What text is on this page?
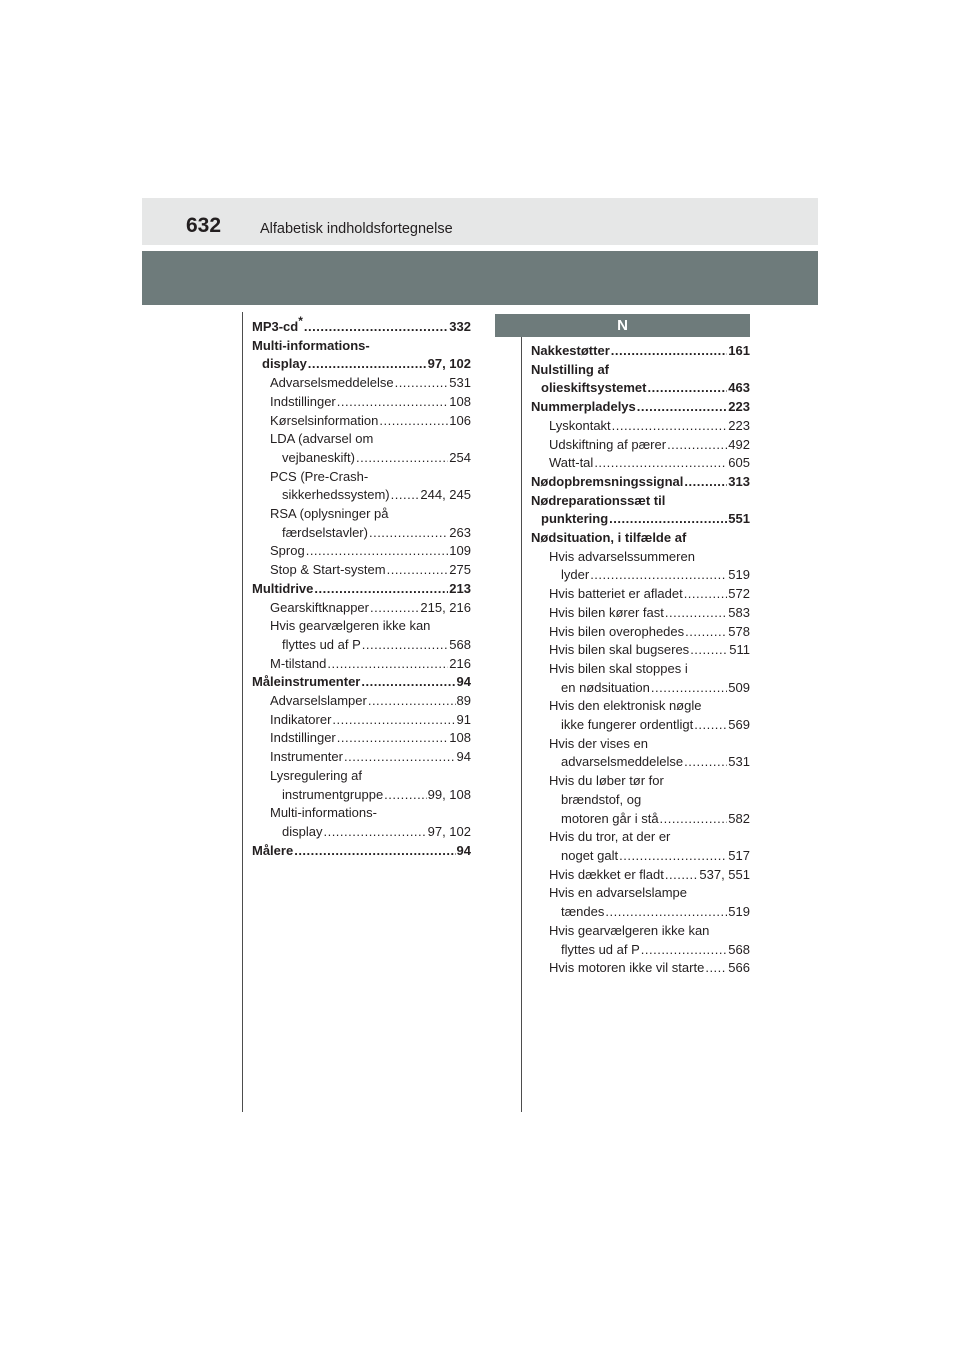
632	Alfabetisk indholdsfortegnelse
N
MP3-cd* .....	332
Multi-informations-
display .....	97, 102
Advarselsmeddelelse .....	531
Indstillinger .....	108
Kørselsinformation .....	106
LDA (advarsel om
vejbaneskift) .....	254
PCS (Pre-Crash-
sikkerhedssystem) ..... 244, 245
RSA (oplysninger på
færdselstavler) .....	263
Sprog .....	109
Stop & Start-system .....	275
Multidrive .....	213
Gearskiftknapper .....	215, 216
Hvis gearvælgeren ikke kan
flyttes ud af P .....	568
M-tilstand .....	216
Måleinstrumenter .....	94
Advarselslamper .....	89
Indikatorer .....	91
Indstillinger .....	108
Instrumenter .....	94
Lysregulering af
instrumentgruppe .....	99, 108
Multi-informations-
display .....	97, 102
Målere .....	94
Nakkestøtter .....	161
Nulstilling af
olieskiftsystemet .....	463
Nummerpladelys .....	223
Lyskontakt .....	223
Udskiftning af pærer .....	492
Watt-tal .....	605
Nødopbremsningssignal .....	313
Nødreparationssæt til
punktering .....	551
Nødsituation, i tilfælde af
Hvis advarselssummeren
lyder .....	519
Hvis batteriet er afladet .....	572
Hvis bilen kører fast .....	583
Hvis bilen overophedes .....	578
Hvis bilen skal bugseres .....	511
Hvis bilen skal stoppes i
en nødsituation .....	509
Hvis den elektronisk nøgle
ikke fungerer ordentligt .....	569
Hvis der vises en
advarselsmeddelelse .....	531
Hvis du løber tør for
brændstof, og
motoren går i stå .....	582
Hvis du tror, at der er
noget galt .....	517
Hvis dækket er fladt .....	537, 551
Hvis en advarselslampe
tændes .....	519
Hvis gearvælgeren ikke kan
flyttes ud af P .....	568
Hvis motoren ikke vil starte ..... 566
